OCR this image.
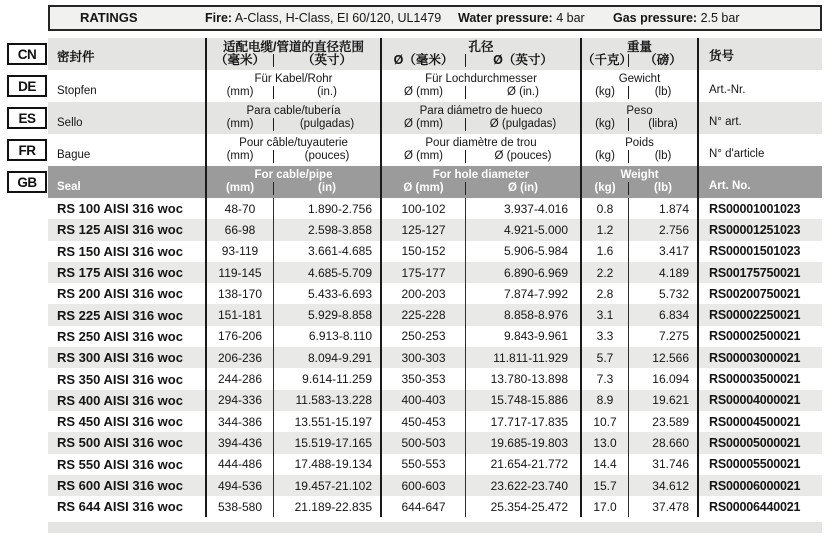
RATINGS	Fire: A-Class, H-Class, EI 60/120, UL1479 Water pressure: 4 bar Gas pressure: 2.5 bar
CN	密封件
适配电缆/管道的直径范围
（毫米）	（英寸）
孔径
Ø（毫米）	Ø（英寸）
重量
（千克） （磅）	货号
DE	Stopfen
Für Kabel/Rohr
(mm)	(in.)
Für Lochdurchmesser
Ø (mm)	Ø (in.)
Gewicht
(kg)	(lb)	Art.-Nr.
ES	Sello
Para cable/tubería
(mm)	(pulgadas)
Para diámetro de hueco
Ø (mm)	Ø (pulgadas)
Peso
(kg)	(libra)	N° art.
FR	Bague
Pour câble/tuyauterie
(mm)	(pouces)
Pour diamètre de trou
Ø (mm)	Ø (pouces)
Poids
(kg)	(lb)	N° d'article
GB	Seal
For cable/pipe
(mm)	(in)
For hole diameter
Ø (mm)	Ø (in)
Weight
(kg)	(lb)	Art. No.
RS 100 AISI 316 woc	48-70	1.890-2.756	100-102	3.937-4.016	0.8	1.874	RS00001001023
RS 125 AISI 316 woc	66-98	2.598-3.858	125-127	4.921-5.000	1.2	2.756	RS00001251023
RS 150 AISI 316 woc	93-119	3.661-4.685	150-152	5.906-5.984	1.6	3.417	RS00001501023
RS 175 AISI 316 woc	119-145	4.685-5.709	175-177	6.890-6.969	2.2	4.189	RS00175750021
RS 200 AISI 316 woc	138-170	5.433-6.693	200-203	7.874-7.992	2.8	5.732	RS00200750021
RS 225 AISI 316 woc	151-181	5.929-8.858	225-228	8.858-8.976	3.1	6.834	RS00002250021
RS 250 AISI 316 woc	176-206	6.913-8.110	250-253	9.843-9.961	3.3	7.275	RS00002500021
RS 300 AISI 316 woc	206-236	8.094-9.291	300-303	11.811-11.929	5.7	12.566	RS00003000021
RS 350 AISI 316 woc	244-286	9.614-11.259	350-353	13.780-13.898	7.3	16.094	RS00003500021
RS 400 AISI 316 woc	294-336	11.583-13.228	400-403	15.748-15.886	8.9	19.621	RS00004000021
RS 450 AISI 316 woc	344-386	13.551-15.197	450-453	17.717-17.835	10.7	23.589	RS00004500021
RS 500 AISI 316 woc	394-436	15.519-17.165	500-503	19.685-19.803	13.0	28.660	RS00005000021
RS 550 AISI 316 woc	444-486	17.488-19.134	550-553	21.654-21.772	14.4	31.746	RS00005500021
RS 600 AISI 316 woc	494-536	19.457-21.102	600-603	23.622-23.740	15.7	34.612	RS00006000021
RS 644 AISI 316 woc	538-580	21.189-22.835	644-647	25.354-25.472	17.0	37.478	RS00006440021
